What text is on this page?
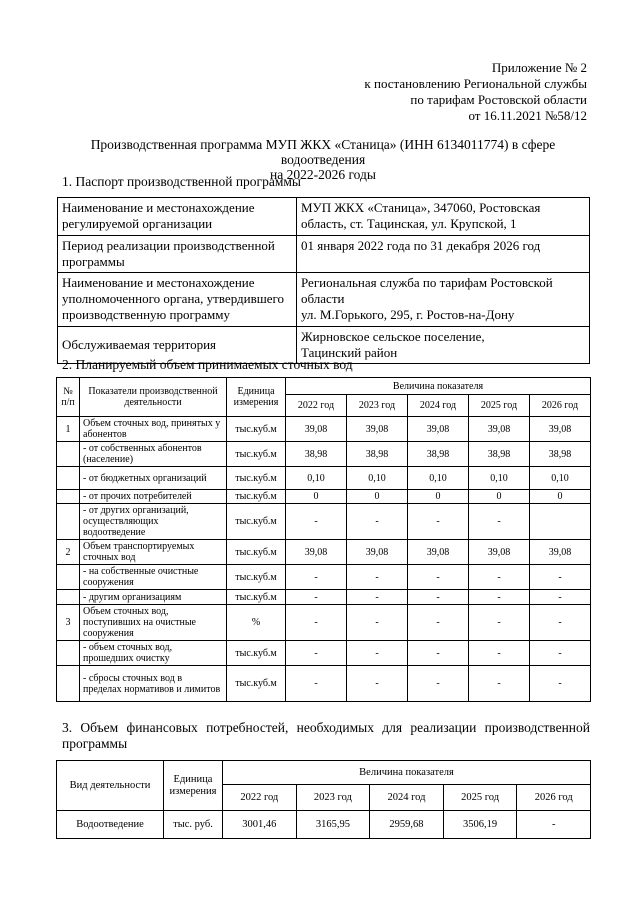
Приложение № 2
к постановлению Региональной службы
по тарифам Ростовской области
от 16.11.2021 №58/12
Производственная программа МУП ЖКХ «Станица» (ИНН 6134011774) в сфере водоотведения
на 2022-2026 годы
1. Паспорт производственной программы
Наименование и местонахождение регулируемой организации	МУП ЖКХ «Станица», 347060, Ростовская область, ст. Тацинская, ул. Крупской, 1
Период реализации производственной программы	01 января 2022 года по 31 декабря 2026 год
Наименование и местонахождение уполномоченного органа, утвердившего производственную программу	Региональная служба по тарифам Ростовской области
ул. М.Горького, 295, г. Ростов-на-Дону

Обслуживаемая территория	Жирновское сельское поселение,
Тацинский район
2. Планируемый объем принимаемых сточных вод
№ п/п	Показатели производственной деятельности	Единица измерения	Величина показателя				
			2022 год	2023 год	2024 год	2025 год	2026 год
1	Объем сточных вод, принятых у абонентов	тыс.куб.м	39,08	39,08	39,08	39,08	39,08
	- от собственных абонентов (население)	тыс.куб.м	38,98	38,98	38,98	38,98	38,98
	- от бюджетных организаций	тыс.куб.м	0,10	0,10	0,10	0,10	0,10
	- от прочих потребителей	тыс.куб.м	0	0	0	0	0
	- от других организаций, осуществляющих водоотведение	тыс.куб.м	-	-	-	-	
2	Объем транспортируемых сточных вод	тыс.куб.м	39,08	39,08	39,08	39,08	39,08
	- на собственные очистные сооружения	тыс.куб.м	-	-	-	-	-
	- другим организациям	тыс.куб.м	-	-	-	-	-
3	Объем сточных вод, поступивших на очистные сооружения	%	-	-	-	-	-
	- объем сточных вод, прошедших очистку	тыс.куб.м	-	-	-	-	-
	- сбросы сточных вод в пределах нормативов и лимитов	тыс.куб.м	-	-	-	-	-
3. Объем финансовых потребностей, необходимых для реализации производственной
программы
Вид деятельности	Единица измерения	Величина показателя				
		2022 год	2023 год	2024 год	2025 год	2026 год
Водоотведение	тыс. руб.	3001,46	3165,95	2959,68	3506,19	-
